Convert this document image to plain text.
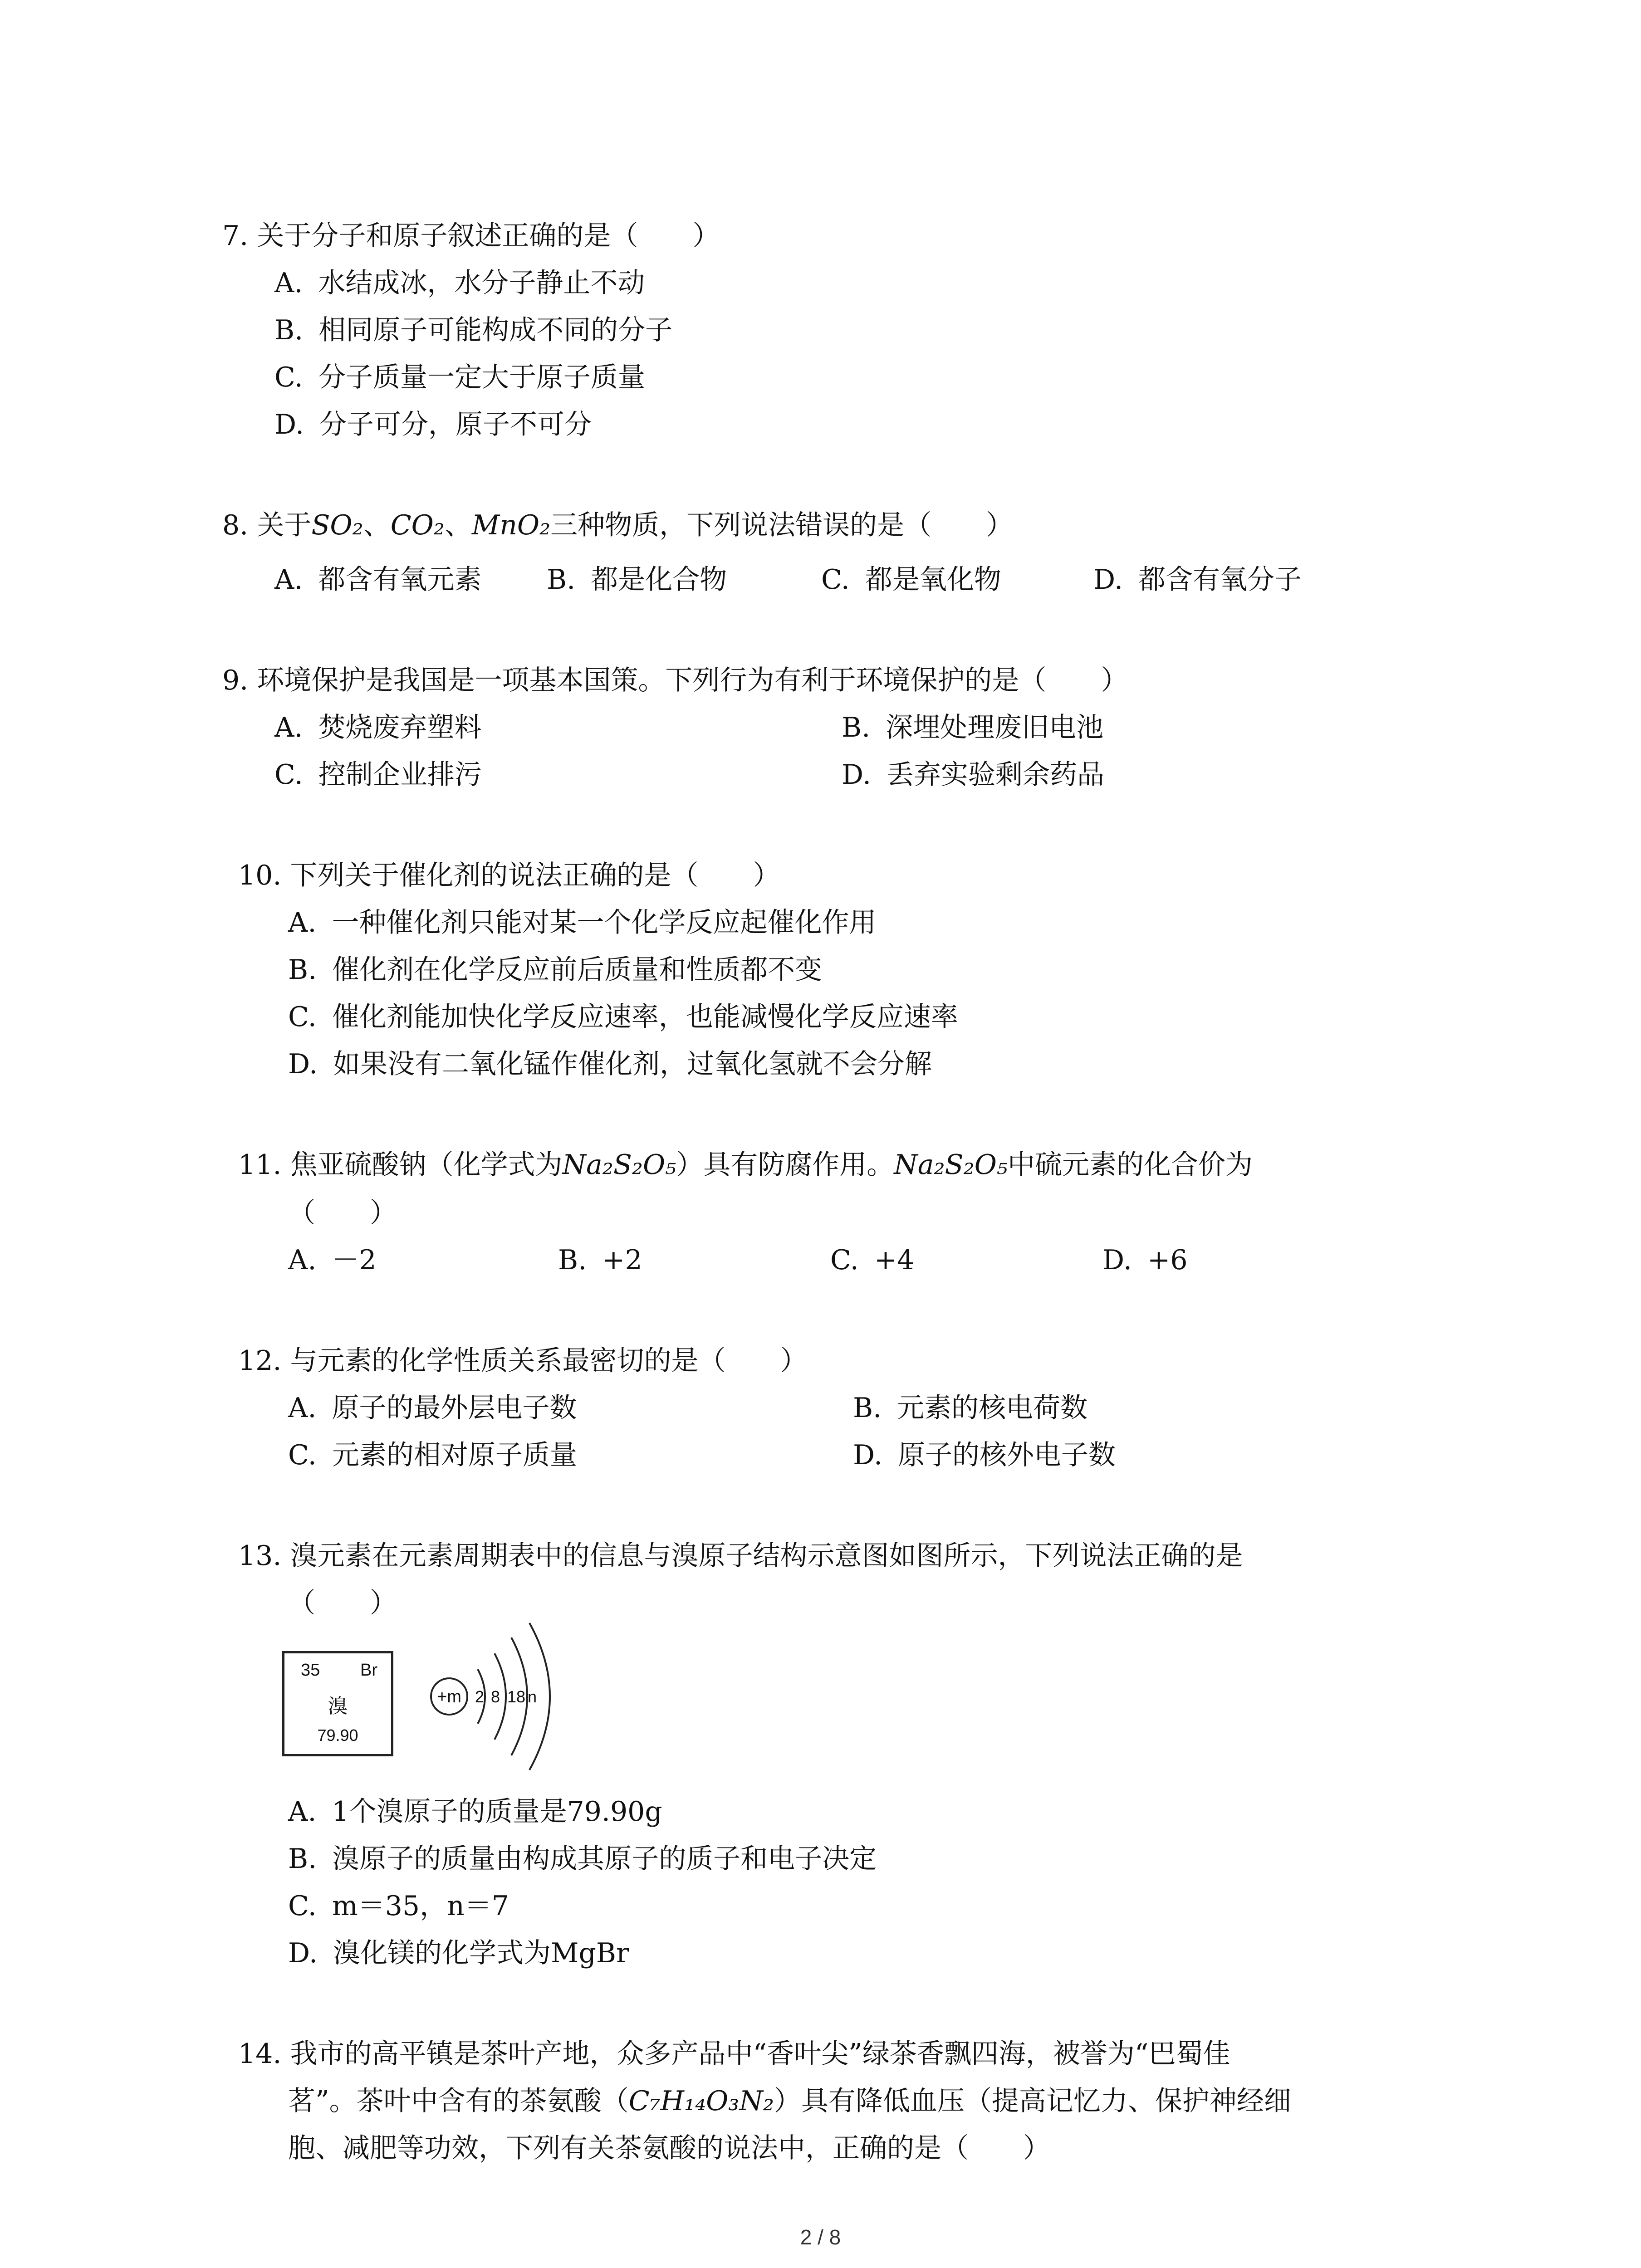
7. 关于分子和原子叙述正确的是（　　）
A. 水结成冰，水分子静止不动
B. 相同原子可能构成不同的分子
C. 分子质量一定大于原子质量
D. 分子可分，原子不可分
8. 关于SO₂、CO₂、MnO₂三种物质，下列说法错误的是（　　）
A. 都含有氧元素 B. 都是化合物	C. 都是氧化物	D. 都含有氧分子
9. 环境保护是我国是一项基本国策。下列行为有利于环境保护的是（　　）
A. 焚烧废弃塑料	B. 深埋处理废旧电池
C. 控制企业排污	D. 丢弃实验剩余药品
10. 下列关于催化剂的说法正确的是（　　）
A. 一种催化剂只能对某一个化学反应起催化作用
B. 催化剂在化学反应前后质量和性质都不变
C. 催化剂能加快化学反应速率，也能减慢化学反应速率
D. 如果没有二氧化锰作催化剂，过氧化氢就不会分解
11. 焦亚硫酸钠（化学式为Na₂S₂O₅）具有防腐作用。Na₂S₂O₅中硫元素的化合价为
（　　）
A. －2	B. +2	C. +4	D. +6
12. 与元素的化学性质关系最密切的是（　　）
A. 原子的最外层电子数	B. 元素的核电荷数
C. 元素的相对原子质量	D. 原子的核外电子数
13. 溴元素在元素周期表中的信息与溴原子结构示意图如图所示，下列说法正确的是
（　　）
35 Br
溴
79.90
+m 2 8 18 n
A. 1个溴原子的质量是79.90g
B. 溴原子的质量由构成其原子的质子和电子决定
C. m＝35，n＝7
D. 溴化镁的化学式为MgBr
14. 我市的高平镇是茶叶产地，众多产品中“香叶尖”绿茶香飘四海，被誉为“巴蜀佳
茗”。茶叶中含有的茶氨酸（C₇H₁₄O₃N₂）具有降低血压（提高记忆力、保护神经细
胞、减肥等功效，下列有关茶氨酸的说法中，正确的是（　　）
2 / 8
